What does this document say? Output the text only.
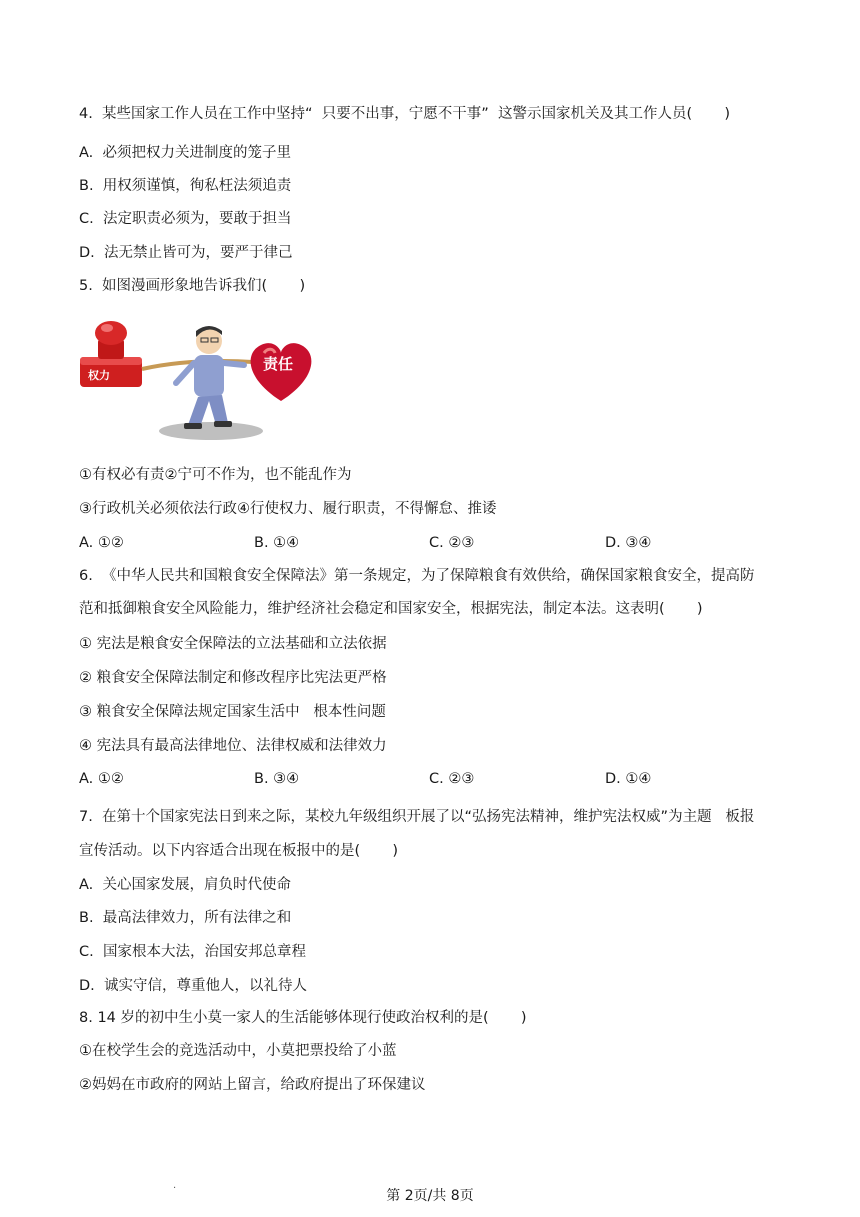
4.  某些国家工作人员在工作中坚持“  只要不出事，宁愿不干事”  这警示国家机关及其工作人员(       )
A.  必须把权力关进制度的笼子里
B.  用权须谨慎，徇私枉法须追责
C.  法定职责必须为，要敢于担当
D.  法无禁止皆可为，要严于律己
5.  如图漫画形象地告诉我们(       )
权力
责任
①有权必有责②宁可不作为，也不能乱作为
③行政机关必须依法行政④行使权力、履行职责，不得懈怠、推诿
A. ①②	B. ①④	C. ②③	D. ③④
6.  《中华人民共和国粮食安全保障法》第一条规定，为了保障粮食有效供给，确保国家粮食安全，提高防
范和抵御粮食安全风险能力，维护经济社会稳定和国家安全，根据宪法，制定本法。这表明(       )
① 宪法是粮食安全保障法的立法基础和立法依据
② 粮食安全保障法制定和修改程序比宪法更严格
③ 粮食安全保障法规定国家生活中   根本性问题
④ 宪法具有最高法律地位、法律权威和法律效力
A. ①②	B. ③④	C. ②③	D. ①④
7.  在第十个国家宪法日到来之际，某校九年级组织开展了以“弘扬宪法精神，维护宪法权威”为主题   板报
宣传活动。以下内容适合出现在板报中的是(       )
A.  关心国家发展，肩负时代使命
B.  最高法律效力，所有法律之和
C.  国家根本大法，治国安邦总章程
D.  诚实守信，尊重他人，以礼待人
8. 14 岁的初中生小莫一家人的生活能够体现行使政治权利的是(       )
①在校学生会的竞选活动中，小莫把票投给了小蓝
②妈妈在市政府的网站上留言，给政府提出了环保建议
.
第 2页/共 8页
